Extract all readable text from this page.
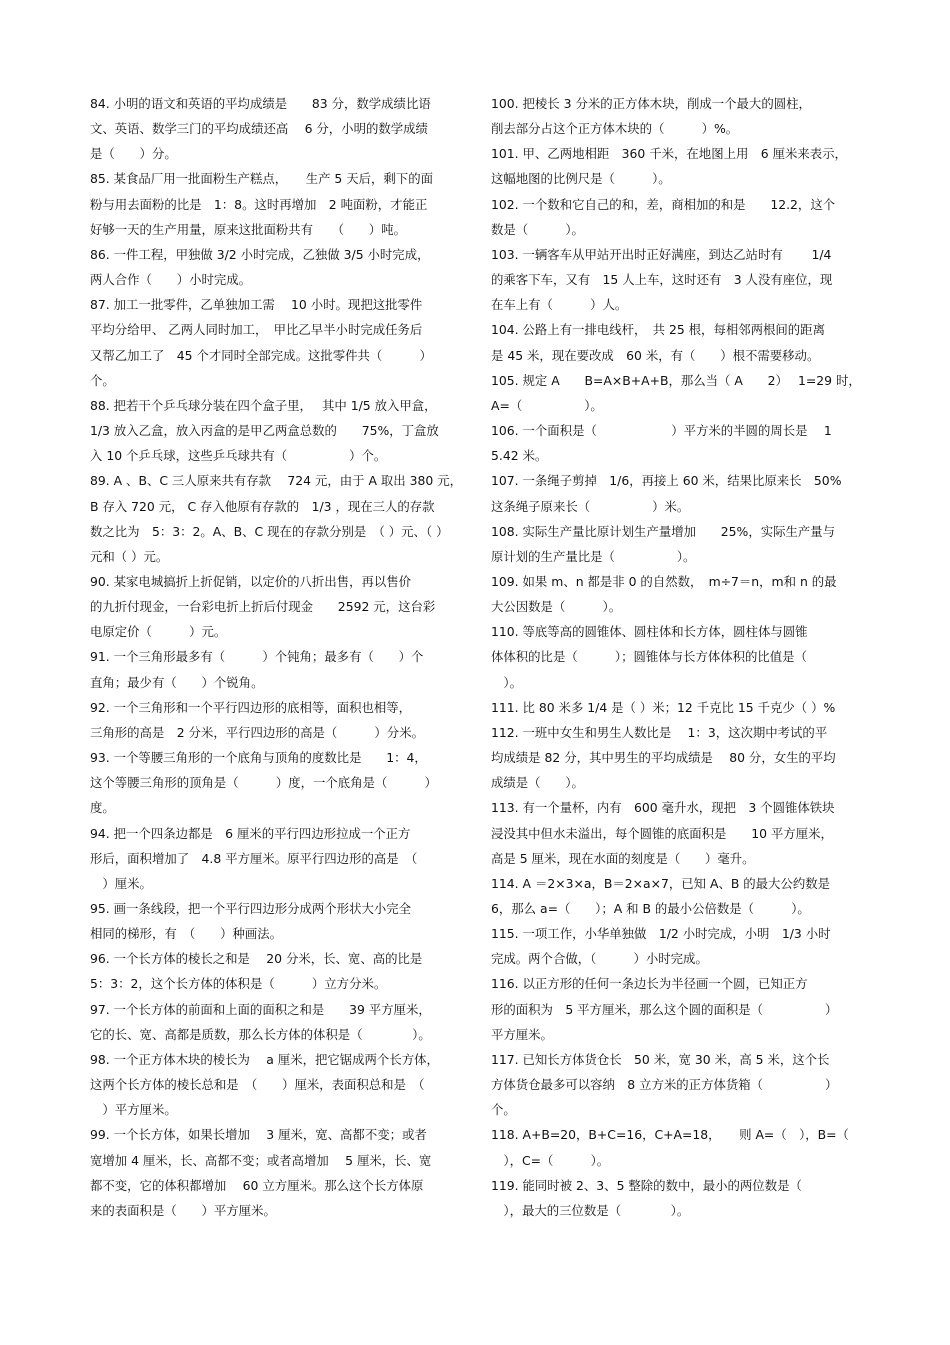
84. 小明的语文和英语的平均成绩是　　83 分，数学成绩比语

文、英语、数学三门的平均成绩还高　 6 分，小明的数学成绩

是（　　）分。

85. 某食品厂用一批面粉生产糕点，　　生产 5 天后，剩下的面

粉与用去面粉的比是　1：8。这时再增加　2 吨面粉，才能正

好够一天的生产用量，原来这批面粉共有　　（　　）吨。

86. 一件工程，甲独做 3/2 小时完成，乙独做 3/5 小时完成，

两人合作（　　）小时完成。

87. 加工一批零件，乙单独加工需　 10 小时。现把这批零件

平均分给甲、 乙两人同时加工，　甲比乙早半小时完成任务后

又帮乙加工了　45 个才同时全部完成。这批零件共（　　　）

个。

88. 把若干个乒乓球分装在四个盒子里，　 其中 1/5 放入甲盒，

1/3 放入乙盒，放入丙盒的是甲乙两盒总数的　　75%，丁盒放

入 10 个乒乓球，这些乒乓球共有（　　　　　）个。

89. A 、B、C 三人原来共有存款　 724 元，由于 A 取出 380 元，

B 存入 720 元， C 存入他原有存款的　1/3 ，现在三人的存款

数之比为　5：3：2。A、B、C 现在的存款分别是　（ ）元、（ ）

元和（ ）元。

90. 某家电城搞折上折促销，以定价的八折出售，再以售价

的九折付现金，一台彩电折上折后付现金　　2592 元，这台彩

电原定价（　　　）元。

91. 一个三角形最多有（　　　）个钝角；最多有（　　）个

直角；最少有（　　）个锐角。

92. 一个三角形和一个平行四边形的底相等，面积也相等，

三角形的高是　2 分米，平行四边形的高是（　　　）分米。

93. 一个等腰三角形的一个底角与顶角的度数比是　　1：4，

这个等腰三角形的顶角是（　　　）度，一个底角是（　　　）

度。

94. 把一个四条边都是　6 厘米的平行四边形拉成一个正方

形后，面积增加了　4.8 平方厘米。原平行四边形的高是　（

　）厘米。

95. 画一条线段，把一个平行四边形分成两个形状大小完全

相同的梯形，有　（　　）种画法。

96. 一个长方体的棱长之和是　 20 分米，长、宽、高的比是

5：3：2，这个长方体的体积是（　　　）立方分米。

97. 一个长方体的前面和上面的面积之和是　　39 平方厘米，

它的长、宽、高都是质数，那么长方体的体积是（　　　　）。

98. 一个正方体木块的棱长为　 a 厘米，把它锯成两个长方体，

这两个长方体的棱长总和是　（　　）厘米，表面积总和是　（

　）平方厘米。

99. 一个长方体，如果长增加　 3 厘米，宽、高都不变；或者

宽增加 4 厘米，长、高都不变；或者高增加　 5 厘米，长、宽

都不变，它的体积都增加　 60 立方厘米。那么这个长方体原

来的表面积是（　　）平方厘米。

100. 把棱长 3 分米的正方体木块，削成一个最大的圆柱，

削去部分占这个正方体木块的（　　　）%。

101. 甲、乙两地相距　360 千米，在地图上用　6 厘米来表示，

这幅地图的比例尺是（　　　）。

102. 一个数和它自己的和，差，商相加的和是　　12.2，这个

数是（　　　）。

103. 一辆客车从甲站开出时正好满座，到达乙站时有　　 1/4

的乘客下车，又有　15 人上车，这时还有　3 人没有座位，现

在车上有（　　　）人。

104. 公路上有一排电线杆，　共 25 根，每相邻两根间的距离

是 45 米，现在要改成　60 米，有（　　）根不需要移动。

105. 规定 A　　B=A×B+A+B，那么当（ A　　2）　 1=29 时，

A=（　　　　　）。

106. 一个面积是（　　　　　　）平方米的半圆的周长是　 1

5.42 米。

107. 一条绳子剪掉　1/6，再接上 60 米，结果比原来长　50%

这条绳子原来长（　　　　　）米。

108. 实际生产量比原计划生产量增加　　25%，实际生产量与

原计划的生产量比是（　　　　　）。

109. 如果 m、n 都是非 0 的自然数，　m÷7＝n，m和 n 的最

大公因数是（　　　）。

110. 等底等高的圆锥体、圆柱体和长方体，圆柱体与圆锥

体体积的比是（　　　）；圆锥体与长方体体积的比值是（

　）。

111. 比 80 米多 1/4 是（ ）米；12 千克比 15 千克少（ ）%

112. 一班中女生和男生人数比是　 1：3，这次期中考试的平

均成绩是 82 分，其中男生的平均成绩是　 80 分，女生的平均

成绩是（　　）。

113. 有一个量杯，内有　600 毫升水，现把　3 个圆锥体铁块

浸没其中但水未溢出，每个圆锥的底面积是　　10 平方厘米，

高是 5 厘米，现在水面的刻度是（　　）毫升。

114. A ＝2×3×a，B＝2×a×7，已知 A、B 的最大公约数是

6，那么 a=（　　）；A 和 B 的最小公倍数是（　　　）。

115. 一项工作，小华单独做　1/2 小时完成，小明　1/3 小时

完成。两个合做，（　　　）小时完成。

116. 以正方形的任何一条边长为半径画一个圆，已知正方

形的面积为　5 平方厘米，那么这个圆的面积是（　　　　　）

平方厘米。

117. 已知长方体货仓长　50 米，宽 30 米，高 5 米，这个长

方体货仓最多可以容纳　8 立方米的正方体货箱（　　　　　）

个。

118. A+B=20，B+C=16，C+A=18，　　则 A=（　），B=（

　），C=（　　　）。

119. 能同时被 2、3、5 整除的数中，最小的两位数是（

　），最大的三位数是（　　　　）。
